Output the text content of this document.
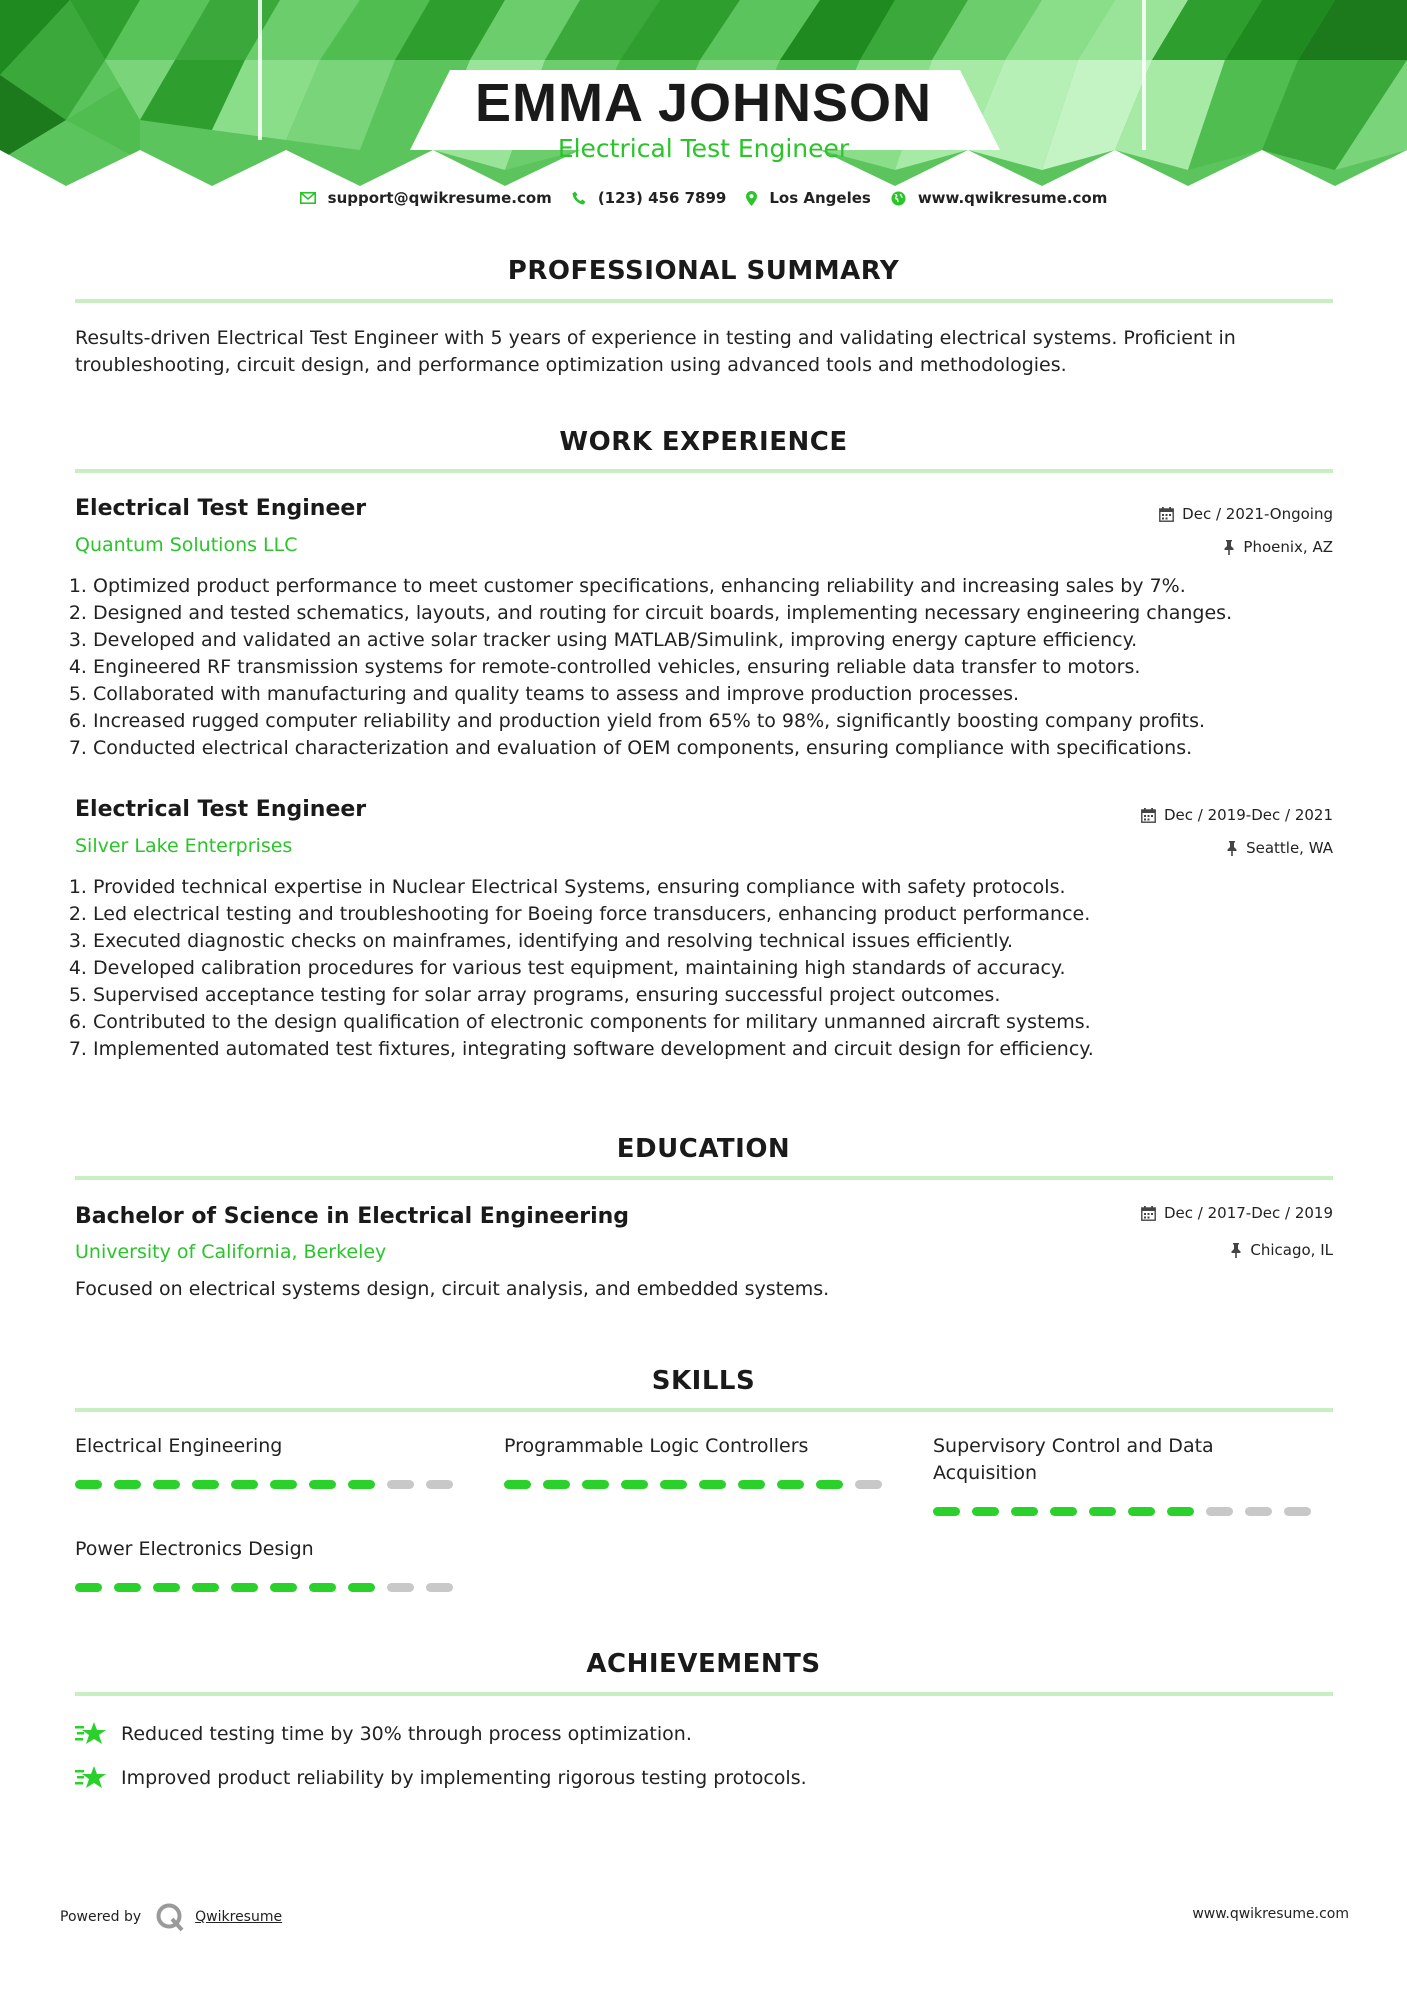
EMMA JOHNSON
Electrical Test Engineer
support@qwikresume.com	(123) 456 7899	Los Angeles	www.qwikresume.com
PROFESSIONAL SUMMARY
Results-driven Electrical Test Engineer with 5 years of experience in testing and validating electrical systems. Proficient in troubleshooting, circuit design, and performance optimization using advanced tools and methodologies.
WORK EXPERIENCE
Electrical Test Engineer	Dec / 2021-Ongoing
Quantum Solutions LLC	Phoenix, AZ
1. Optimized product performance to meet customer specifications, enhancing reliability and increasing sales by 7%.
2. Designed and tested schematics, layouts, and routing for circuit boards, implementing necessary engineering changes.
3. Developed and validated an active solar tracker using MATLAB/Simulink, improving energy capture efficiency.
4. Engineered RF transmission systems for remote-controlled vehicles, ensuring reliable data transfer to motors.
5. Collaborated with manufacturing and quality teams to assess and improve production processes.
6. Increased rugged computer reliability and production yield from 65% to 98%, significantly boosting company profits.
7. Conducted electrical characterization and evaluation of OEM components, ensuring compliance with specifications.
Electrical Test Engineer	Dec / 2019-Dec / 2021
Silver Lake Enterprises	Seattle, WA
1. Provided technical expertise in Nuclear Electrical Systems, ensuring compliance with safety protocols.
2. Led electrical testing and troubleshooting for Boeing force transducers, enhancing product performance.
3. Executed diagnostic checks on mainframes, identifying and resolving technical issues efficiently.
4. Developed calibration procedures for various test equipment, maintaining high standards of accuracy.
5. Supervised acceptance testing for solar array programs, ensuring successful project outcomes.
6. Contributed to the design qualification of electronic components for military unmanned aircraft systems.
7. Implemented automated test fixtures, integrating software development and circuit design for efficiency.
EDUCATION
Bachelor of Science in Electrical Engineering	Dec / 2017-Dec / 2019
University of California, Berkeley	Chicago, IL
Focused on electrical systems design, circuit analysis, and embedded systems.
SKILLS
Electrical Engineering	Programmable Logic Controllers	Supervisory Control and Data Acquisition
Power Electronics Design
ACHIEVEMENTS
Reduced testing time by 30% through process optimization.
Improved product reliability by implementing rigorous testing protocols.
Powered by	Qwikresume	www.qwikresume.com
